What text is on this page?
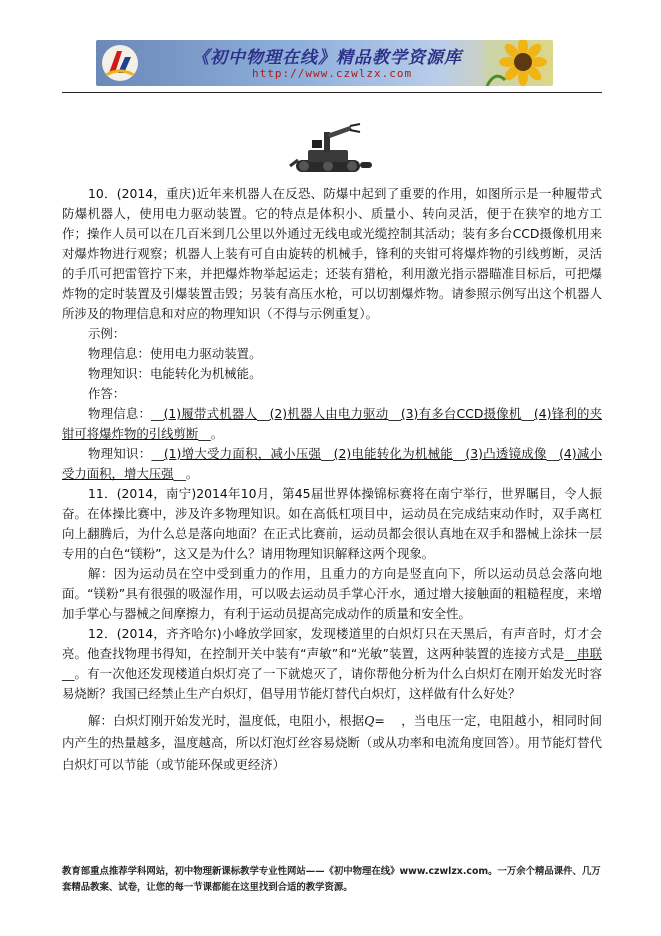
《初中物理在线》精品教学资源库
http://www.czwlzx.com

10．(2014，重庆)近年来机器人在反恐、防爆中起到了重要的作用，如图所示是一种履带式防爆机器人，使用电力驱动装置。它的特点是体积小、质量小、转向灵活，便于在狭窄的地方工作；操作人员可以在几百米到几公里以外通过无线电或光缆控制其活动；装有多台CCD摄像机用来对爆炸物进行观察；机器人上装有可自由旋转的机械手，锋利的夹钳可将爆炸物的引线剪断，灵活的手爪可把雷管拧下来，并把爆炸物举起运走；还装有猎枪，利用激光指示器瞄准目标后，可把爆炸物的定时装置及引爆装置击毁；另装有高压水枪，可以切割爆炸物。请参照示例写出这个机器人所涉及的物理信息和对应的物理知识（不得与示例重复）。

示例：

物理信息：使用电力驱动装置。

物理知识：电能转化为机械能。

作答：

物理信息：__(1)履带式机器人__(2)机器人由电力驱动__(3)有多台CCD摄像机__(4)锋利的夹钳可将爆炸物的引线剪断__。

物理知识：__(1)增大受力面积，减小压强__(2)电能转化为机械能__(3)凸透镜成像__(4)减小受力面积，增大压强__。

11．(2014，南宁)2014年10月，第45届世界体操锦标赛将在南宁举行，世界瞩目，令人振奋。在体操比赛中，涉及许多物理知识。如在高低杠项目中，运动员在完成结束动作时，双手离杠向上翻腾后，为什么总是落向地面？在正式比赛前，运动员都会很认真地在双手和器械上涂抹一层专用的白色“镁粉”，这又是为什么？请用物理知识解释这两个现象。

解：因为运动员在空中受到重力的作用，且重力的方向是竖直向下，所以运动员总会落向地面。“镁粉”具有很强的吸湿作用，可以吸去运动员手掌心汗水，通过增大接触面的粗糙程度，来增加手掌心与器械之间摩擦力，有利于运动员提高完成动作的质量和安全性。

12．(2014，齐齐哈尔)小峰放学回家，发现楼道里的白炽灯只在天黑后，有声音时，灯才会亮。他查找物理书得知，在控制开关中装有“声敏”和“光敏”装置，这两种装置的连接方式是__串联__。有一次他还发现楼道白炽灯亮了一下就熄灭了，请你帮他分析为什么白炽灯在刚开始发光时容易烧断？我国已经禁止生产白炽灯，倡导用节能灯替代白炽灯，这样做有什么好处？

解：白炽灯刚开始发光时，温度低，电阻小，根据Q= ，当电压一定，电阻越小，相同时间内产生的热量越多，温度越高，所以灯泡灯丝容易烧断（或从功率和电流角度回答）。用节能灯替代白炽灯可以节能（或节能环保或更经济）

教育部重点推荐学科网站，初中物理新课标教学专业性网站——《初中物理在线》www.czwlzx.com。一万余个精品课件、几万套精品教案、试卷，让您的每一节课都能在这里找到合适的教学资源。
